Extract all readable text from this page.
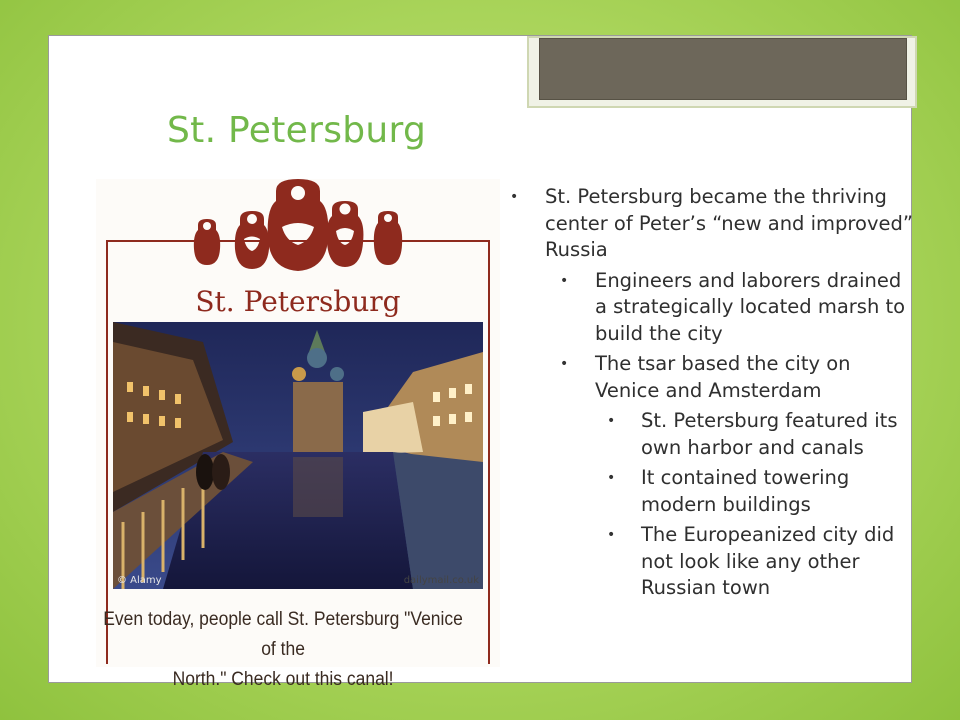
St. Petersburg
St. Petersburg
© Alamy	dailymail.co.uk
Even today, people call St. Petersburg "Venice of the
North." Check out this canal!
• St. Petersburg became the thriving center of Peter’s “new and improved” Russia
• Engineers and laborers drained a strategically located marsh to build the city
• The tsar based the city on Venice and Amsterdam
• St. Petersburg featured its own harbor and canals
• It contained towering modern buildings
• The Europeanized city did not look like any other Russian town
